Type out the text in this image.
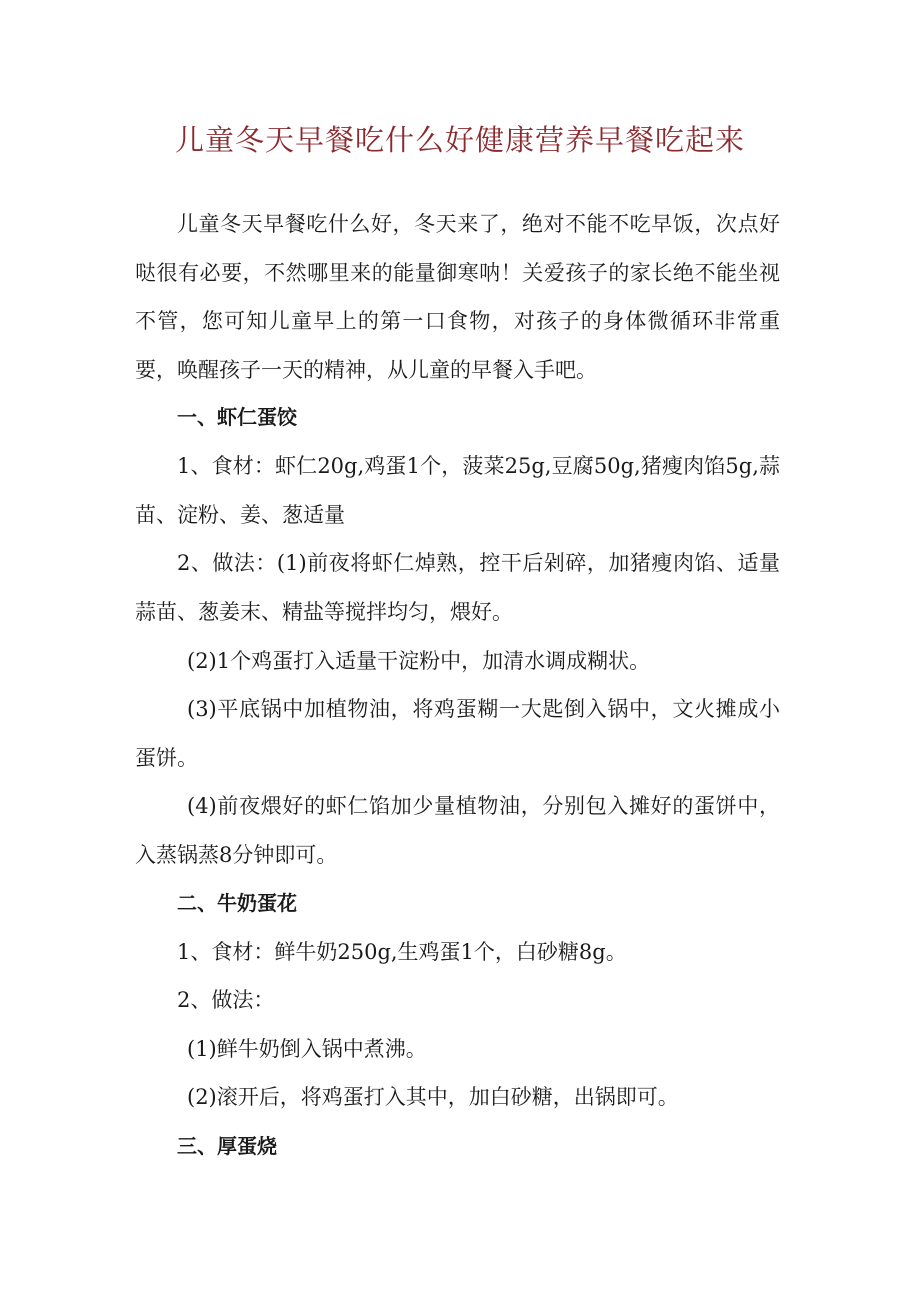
儿童冬天早餐吃什么好健康营养早餐吃起来

儿童冬天早餐吃什么好，冬天来了，绝对不能不吃早饭，次点好哒很有必要，不然哪里来的能量御寒呐！关爱孩子的家长绝不能坐视不管，您可知儿童早上的第一口食物，对孩子的身体微循环非常重要，唤醒孩子一天的精神，从儿童的早餐入手吧。

一、虾仁蛋饺

1、食材：虾仁20g,鸡蛋1个，菠菜25g,豆腐50g,猪瘦肉馅5g,蒜苗、淀粉、姜、葱适量

2、做法：(1)前夜将虾仁焯熟，控干后剁碎，加猪瘦肉馅、适量蒜苗、葱姜末、精盐等搅拌均匀，煨好。

(2)1个鸡蛋打入适量干淀粉中，加清水调成糊状。

(3)平底锅中加植物油，将鸡蛋糊一大匙倒入锅中，文火摊成小蛋饼。

(4)前夜煨好的虾仁馅加少量植物油，分别包入摊好的蛋饼中，入蒸锅蒸8分钟即可。

二、牛奶蛋花

1、食材：鲜牛奶250g,生鸡蛋1个，白砂糖8g。

2、做法：

(1)鲜牛奶倒入锅中煮沸。

(2)滚开后，将鸡蛋打入其中，加白砂糖，出锅即可。

三、厚蛋烧
